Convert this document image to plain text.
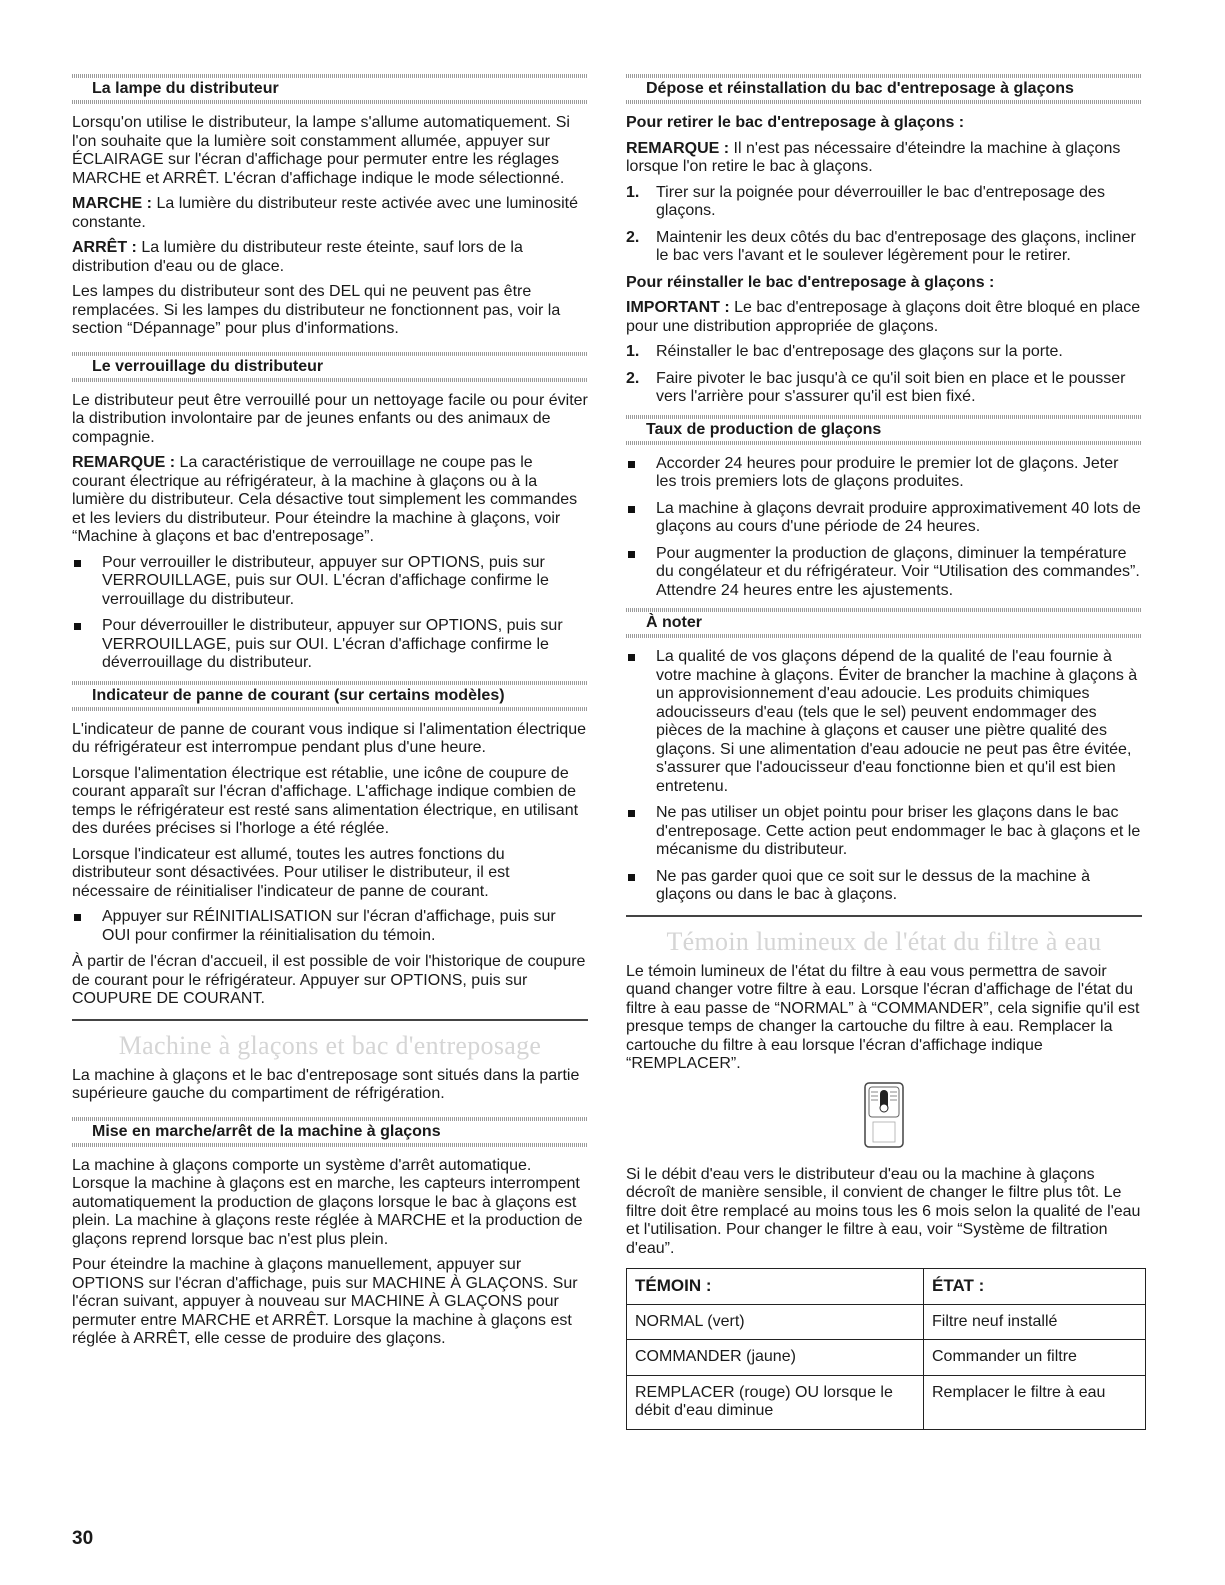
La lampe du distributeur

Lorsqu'on utilise le distributeur, la lampe s'allume automatiquement. Si l'on souhaite que la lumière soit constamment allumée, appuyer sur ÉCLAIRAGE sur l'écran d'affichage pour permuter entre les réglages MARCHE et ARRÊT. L'écran d'affichage indique le mode sélectionné.

MARCHE : La lumière du distributeur reste activée avec une luminosité constante.

ARRÊT : La lumière du distributeur reste éteinte, sauf lors de la distribution d'eau ou de glace.

Les lampes du distributeur sont des DEL qui ne peuvent pas être remplacées. Si les lampes du distributeur ne fonctionnent pas, voir la section “Dépannage” pour plus d'informations.

Le verrouillage du distributeur

Le distributeur peut être verrouillé pour un nettoyage facile ou pour éviter la distribution involontaire par de jeunes enfants ou des animaux de compagnie.

REMARQUE : La caractéristique de verrouillage ne coupe pas le courant électrique au réfrigérateur, à la machine à glaçons ou à la lumière du distributeur. Cela désactive tout simplement les commandes et les leviers du distributeur. Pour éteindre la machine à glaçons, voir “Machine à glaçons et bac d'entreposage”.

Pour verrouiller le distributeur, appuyer sur OPTIONS, puis sur VERROUILLAGE, puis sur OUI. L'écran d'affichage confirme le verrouillage du distributeur.
Pour déverrouiller le distributeur, appuyer sur OPTIONS, puis sur VERROUILLAGE, puis sur OUI. L'écran d'affichage confirme le déverrouillage du distributeur.
Indicateur de panne de courant (sur certains modèles)

L'indicateur de panne de courant vous indique si l'alimentation électrique du réfrigérateur est interrompue pendant plus d'une heure.

Lorsque l'alimentation électrique est rétablie, une icône de coupure de courant apparaît sur l'écran d'affichage. L'affichage indique combien de temps le réfrigérateur est resté sans alimentation électrique, en utilisant des durées précises si l'horloge a été réglée.

Lorsque l'indicateur est allumé, toutes les autres fonctions du distributeur sont désactivées. Pour utiliser le distributeur, il est nécessaire de réinitialiser l'indicateur de panne de courant.

Appuyer sur RÉINITIALISATION sur l'écran d'affichage, puis sur OUI pour confirmer la réinitialisation du témoin.

À partir de l'écran d'accueil, il est possible de voir l'historique de coupure de courant pour le réfrigérateur. Appuyer sur OPTIONS, puis sur COUPURE DE COURANT.

Machine à glaçons et bac d'entreposage

La machine à glaçons et le bac d'entreposage sont situés dans la partie supérieure gauche du compartiment de réfrigération.

Mise en marche/arrêt de la machine à glaçons

La machine à glaçons comporte un système d'arrêt automatique. Lorsque la machine à glaçons est en marche, les capteurs interrompent automatiquement la production de glaçons lorsque le bac à glaçons est plein. La machine à glaçons reste réglée à MARCHE et la production de glaçons reprend lorsque bac n'est plus plein.

Pour éteindre la machine à glaçons manuellement, appuyer sur OPTIONS sur l'écran d'affichage, puis sur MACHINE À GLAÇONS. Sur l'écran suivant, appuyer à nouveau sur MACHINE À GLAÇONS pour permuter entre MARCHE et ARRÊT. Lorsque la machine à glaçons est réglée à ARRÊT, elle cesse de produire des glaçons.

30
Dépose et réinstallation du bac d'entreposage à glaçons

Pour retirer le bac d'entreposage à glaçons :

REMARQUE : Il n'est pas nécessaire d'éteindre la machine à glaçons lorsque l'on retire le bac à glaçons.

1. Tirer sur la poignée pour déverrouiller le bac d'entreposage des glaçons.
2. Maintenir les deux côtés du bac d'entreposage des glaçons, incliner le bac vers l'avant et le soulever légèrement pour le retirer.

Pour réinstaller le bac d'entreposage à glaçons :

IMPORTANT : Le bac d'entreposage à glaçons doit être bloqué en place pour une distribution appropriée de glaçons.

1. Réinstaller le bac d'entreposage des glaçons sur la porte.
2. Faire pivoter le bac jusqu'à ce qu'il soit bien en place et le pousser vers l'arrière pour s'assurer qu'il est bien fixé.
Taux de production de glaçons
Accorder 24 heures pour produire le premier lot de glaçons. Jeter les trois premiers lots de glaçons produites.
La machine à glaçons devrait produire approximativement 40 lots de glaçons au cours d'une période de 24 heures.
Pour augmenter la production de glaçons, diminuer la température du congélateur et du réfrigérateur. Voir “Utilisation des commandes”. Attendre 24 heures entre les ajustements.
À noter
La qualité de vos glaçons dépend de la qualité de l'eau fournie à votre machine à glaçons. Éviter de brancher la machine à glaçons à un approvisionnement d'eau adoucie. Les produits chimiques adoucisseurs d'eau (tels que le sel) peuvent endommager des pièces de la machine à glaçons et causer une piètre qualité des glaçons. Si une alimentation d'eau adoucie ne peut pas être évitée, s'assurer que l'adoucisseur d'eau fonctionne bien et qu'il est bien entretenu.
Ne pas utiliser un objet pointu pour briser les glaçons dans le bac d'entreposage. Cette action peut endommager le bac à glaçons et le mécanisme du distributeur.
Ne pas garder quoi que ce soit sur le dessus de la machine à glaçons ou dans le bac à glaçons.
Témoin lumineux de l'état du filtre à eau

Le témoin lumineux de l'état du filtre à eau vous permettra de savoir quand changer votre filtre à eau. Lorsque l'écran d'affichage de l'état du filtre à eau passe de “NORMAL” à “COMMANDER”, cela signifie qu'il est presque temps de changer la cartouche du filtre à eau. Remplacer la cartouche du filtre à eau lorsque l'écran d'affichage indique “REMPLACER”.

Si le débit d'eau vers le distributeur d'eau ou la machine à glaçons décroît de manière sensible, il convient de changer le filtre plus tôt. Le filtre doit être remplacé au moins tous les 6 mois selon la qualité de l'eau et l'utilisation. Pour changer le filtre à eau, voir “Système de filtration d'eau”.

TÉMOIN :	ÉTAT :
NORMAL (vert)	Filtre neuf installé
COMMANDER (jaune)	Commander un filtre
REMPLACER (rouge) OU lorsque le débit d'eau diminue	Remplacer le filtre à eau
